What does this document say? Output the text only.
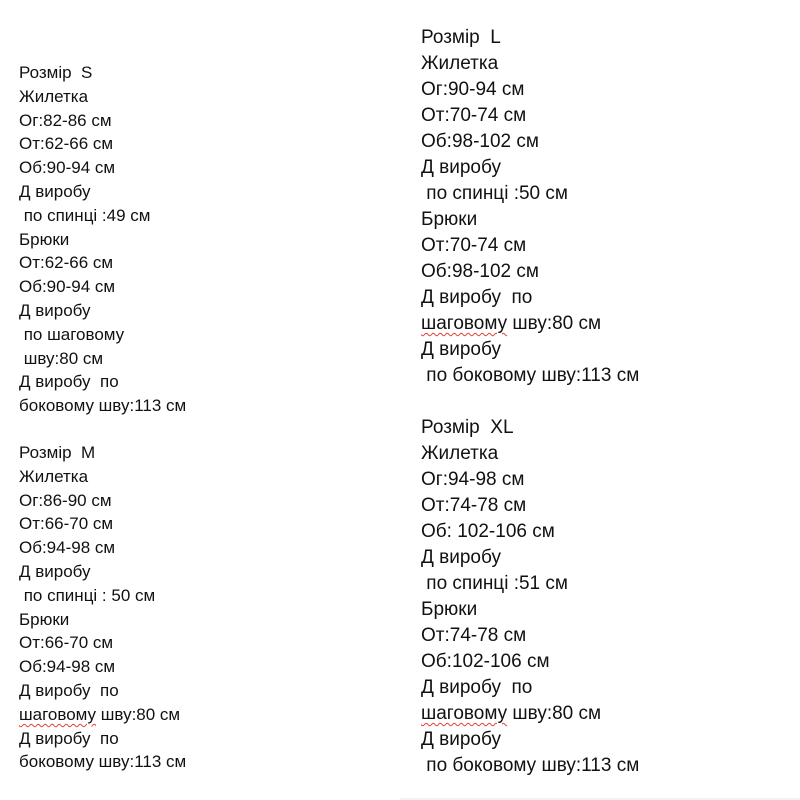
Розмір  S
Жилетка
Ог:82-86 см
От:62-66 см
Об:90-94 см
Д виробу
по спинці :49 см
Брюки
От:62-66 см
Об:90-94 см
Д виробу
по шаговому
шву:80 см
Д виробу  по
боковому шву:113 см
Розмір  M
Жилетка
Ог:86-90 см
От:66-70 см
Об:94-98 см
Д виробу
по спинці : 50 см
Брюки
От:66-70 см
Об:94-98 см
Д виробу  по
шаговому шву:80 см
Д виробу  по
боковому шву:113 см
Розмір  L
Жилетка
Ог:90-94 см
От:70-74 см
Об:98-102 см
Д виробу
по спинці :50 см
Брюки
От:70-74 см
Об:98-102 см
Д виробу  по
шаговому шву:80 см
Д виробу
по боковому шву:113 см
Розмір  XL
Жилетка
Ог:94-98 см
От:74-78 см
Об: 102-106 см
Д виробу
по спинці :51 см
Брюки
От:74-78 см
Об:102-106 см
Д виробу  по
шаговому шву:80 см
Д виробу
по боковому шву:113 см
